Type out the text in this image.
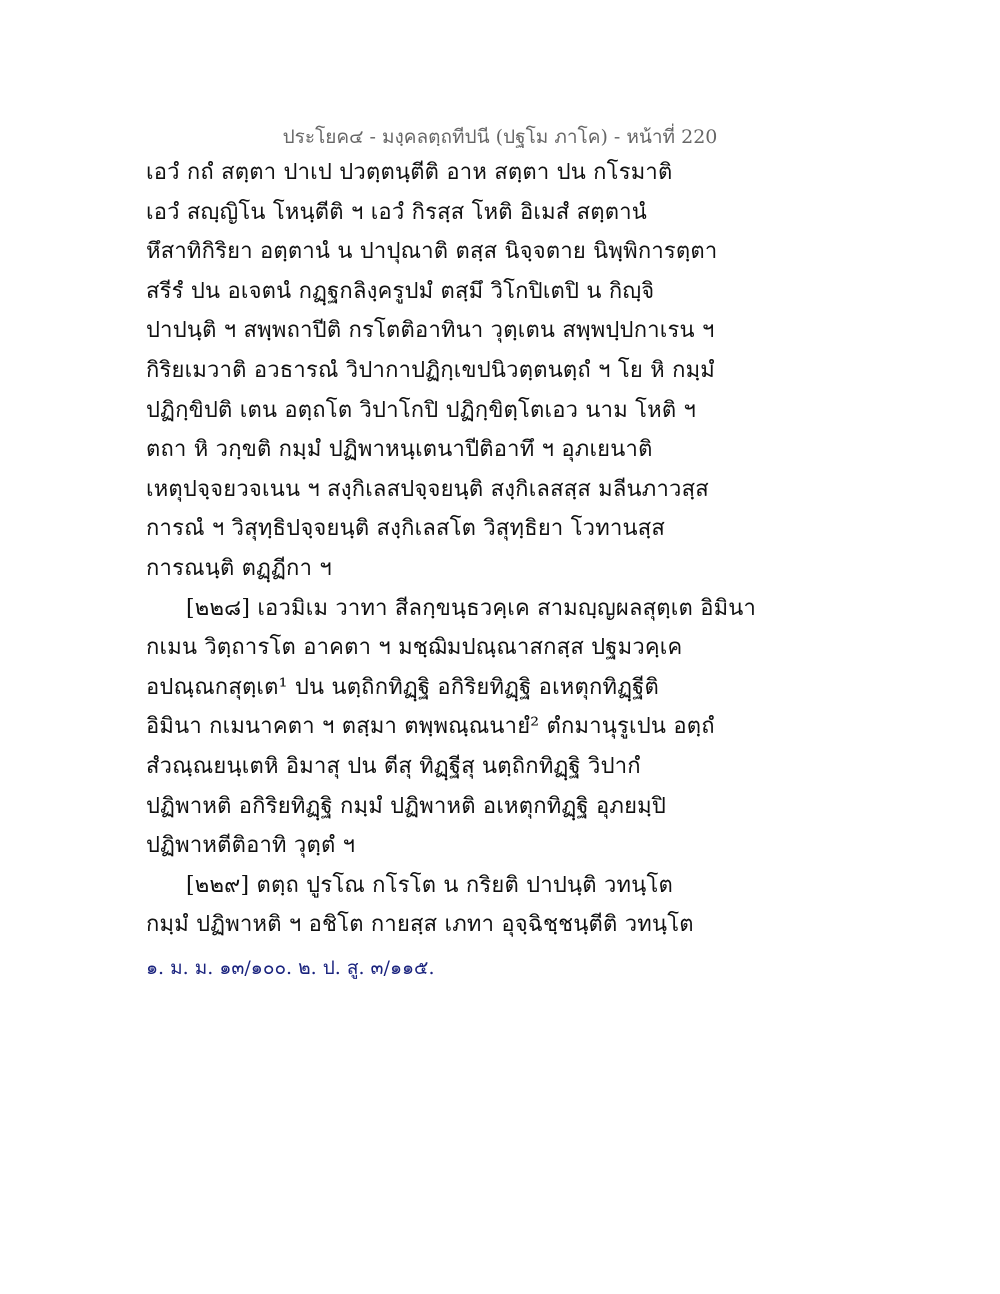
ประโยค๔ - มงฺคลตฺถทีปนี (ปฐโม ภาโค) - หน้าที่ 220
เอวํ กถํ สตฺตา ปาเป ปวตฺตนฺตีติ อาห สตฺตา ปน กโรมาติ
เอวํ สญฺญิโน โหนฺตีติ ฯ เอวํ กิรสฺส โหติ อิเมสํ สตฺตานํ
หึสาทิกิริยา อตฺตานํ น ปาปุณาติ ตสฺส นิจฺจตาย นิพฺพิการตฺตา
สรีรํ ปน อเจตนํ กฏฺฐกลิงฺครูปมํ ตสฺมึ วิโกปิเตปิ น กิญฺจิ
ปาปนฺติ ฯ สพฺพถาปีติ กรโตติอาทินา วุตฺเตน สพฺพปฺปกาเรน ฯ
กิริยเมวาติ อวธารณํ วิปากาปฏิกฺเขปนิวตฺตนตฺถํ ฯ โย หิ กมฺมํ
ปฏิกฺขิปติ เตน อตฺถโต วิปาโกปิ ปฏิกฺขิตฺโตเอว นาม โหติ ฯ
ตถา หิ วกฺขติ กมฺมํ ปฏิพาหนฺเตนาปีติอาทึ ฯ อุภเยนาติ
เหตุปจฺจยวจเนน ฯ สงฺกิเลสปจฺจยนฺติ สงฺกิเลสสฺส มลีนภาวสฺส
การณํ ฯ วิสุทฺธิปจฺจยนฺติ สงฺกิเลสโต วิสุทฺธิยา โวทานสฺส
การณนฺติ ตฏฺฏีกา ฯ
[๒๒๘] เอวมิเม วาทา สีลกฺขนฺธวคฺเค สามญฺญผลสุตฺเต อิมินา
กเมน วิตฺถารโต อาคตา ฯ มชฺฌิมปณฺณาสกสฺส ปฐมวคฺเค
อปณฺณกสุตฺเต¹ ปน นตฺถิกทิฏฺฐิ อกิริยทิฏฺฐิ อเหตุกทิฏฺฐีติ
อิมินา กเมนาคตา ฯ ตสฺมา ตพฺพณฺณนายํ² ตํกมานุรูเปน อตฺถํ
สํวณฺณยนฺเตหิ อิมาสุ ปน ตีสุ ทิฏฺฐีสุ นตฺถิกทิฏฺฐิ วิปากํ
ปฏิพาหติ อกิริยทิฏฺฐิ กมฺมํ ปฏิพาหติ อเหตุกทิฏฺฐิ อุภยมฺปิ
ปฏิพาหตีติอาทิ วุตฺตํ ฯ
[๒๒๙] ตตฺถ ปูรโณ กโรโต น กริยติ ปาปนฺติ วทนฺโต
กมฺมํ ปฏิพาหติ ฯ อชิโต กายสฺส เภทา อุจฺฉิชฺชนฺตีติ วทนฺโต
๑. ม. ม. ๑๓/๑๐๐. ๒. ป. สู. ๓/๑๑๕.
